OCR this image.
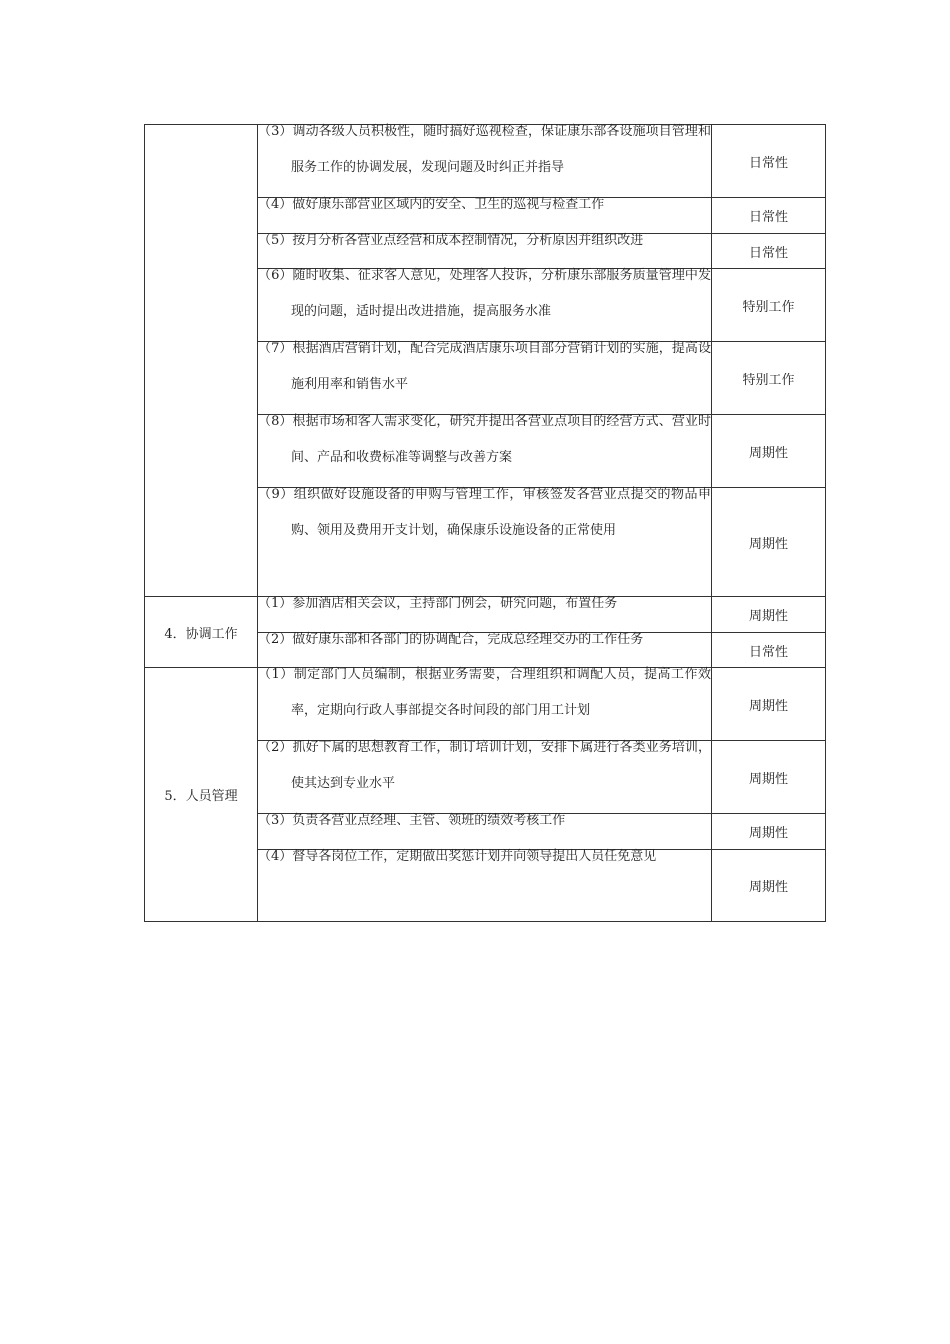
	（3）调动各级人员积极性，随时搞好巡视检查，保证康乐部各设施项目管理和服务工作的协调发展，发现问题及时纠正并指导	日常性

	（4）做好康乐部营业区域内的安全、卫生的巡视与检查工作	日常性

	（5）按月分析各营业点经营和成本控制情况，分析原因并组织改进	日常性

	（6）随时收集、征求客人意见，处理客人投诉，分析康乐部服务质量管理中发现的问题，适时提出改进措施，提高服务水准	特别工作

	（7）根据酒店营销计划，配合完成酒店康乐项目部分营销计划的实施，提高设施利用率和销售水平	特别工作

	（8）根据市场和客人需求变化，研究并提出各营业点项目的经营方式、营业时间、产品和收费标准等调整与改善方案	周期性

	（9）组织做好设施设备的申购与管理工作，审核签发各营业点提交的物品申购、领用及费用开支计划，确保康乐设施设备的正常使用	周期性
4．协调工作	（1）参加酒店相关会议，主持部门例会，研究问题，布置任务	周期性

	（2）做好康乐部和各部门的协调配合，完成总经理交办的工作任务	日常性
5．人员管理	（1）制定部门人员编制，根据业务需要，合理组织和调配人员，提高工作效率，定期向行政人事部提交各时间段的部门用工计划	周期性

	（2）抓好下属的思想教育工作，制订培训计划，安排下属进行各类业务培训，使其达到专业水平	周期性

	（3）负责各营业点经理、主管、领班的绩效考核工作	周期性

	（4）督导各岗位工作，定期做出奖惩计划并向领导提出人员任免意见	周期性
